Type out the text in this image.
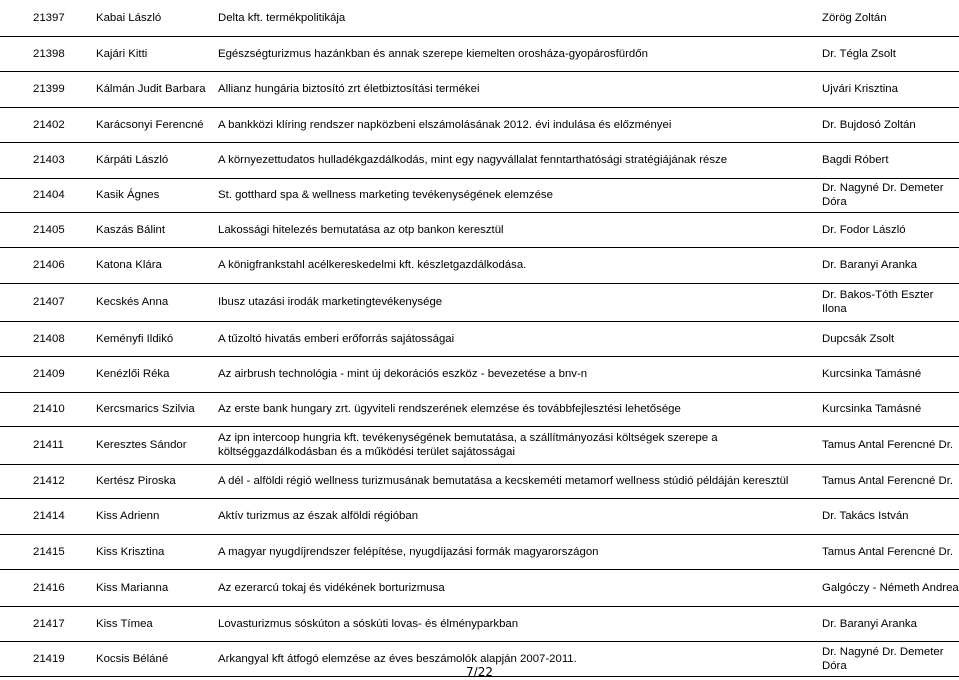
21397	Kabai László	Delta kft. termékpolitikája	Zörög Zoltán
21398	Kajári Kitti	Egészségturizmus hazánkban és annak szerepe kiemelten orosháza-gyopárosfürdőn	Dr. Tégla Zsolt
21399	Kálmán Judit Barbara	Allianz hungária biztosító zrt életbiztosítási termékei	Ujvári Krisztina
21402	Karácsonyi Ferencné	A bankközi klíring rendszer napközbeni elszámolásának 2012. évi indulása és előzményei	Dr. Bujdosó Zoltán
21403	Kárpáti László	A környezettudatos hulladékgazdálkodás, mint egy nagyvállalat fenntarthatósági stratégiájának része	Bagdi Róbert
21404	Kasik Ágnes	St. gotthard spa & wellness marketing tevékenységének elemzése	Dr. Nagyné Dr. Demeter Dóra
21405	Kaszás Bálint	Lakossági hitelezés bemutatása az otp bankon keresztül	Dr. Fodor László
21406	Katona Klára	A königfrankstahl acélkereskedelmi kft. készletgazdálkodása.	Dr. Baranyi Aranka
21407	Kecskés Anna	Ibusz utazási irodák marketingtevékenysége	Dr. Bakos-Tóth Eszter Ilona
21408	Keményfi Ildikó	A tűzoltó hivatás emberi erőforrás sajátosságai	Dupcsák Zsolt
21409	Kenézlői Réka	Az airbrush technológia - mint új dekorációs eszköz - bevezetése a bnv-n	Kurcsinka Tamásné
21410	Kercsmarics Szilvia	Az erste bank hungary zrt. ügyviteli rendszerének elemzése és továbbfejlesztési lehetősége	Kurcsinka Tamásné
21411	Keresztes Sándor	Az ipn intercoop hungria kft. tevékenységének bemutatása, a szállítmányozási költségek szerepe a költséggazdálkodásban és a működési terület sajátosságai	Tamus Antal Ferencné Dr.
21412	Kertész Piroska	A dél - alföldi régió wellness turizmusának bemutatása a kecskeméti metamorf wellness stúdió példáján keresztül	Tamus Antal Ferencné Dr.
21414	Kiss Adrienn	Aktív turizmus az észak alföldi régióban	Dr. Takács István
21415	Kiss Krisztina	A magyar nyugdíjrendszer felépítése, nyugdíjazási formák magyarországon	Tamus Antal Ferencné Dr.
21416	Kiss Marianna	Az ezerarcú tokaj és vidékének borturizmusa	Galgóczy - Németh Andrea
21417	Kiss Tímea	Lovasturizmus sóskúton a sóskúti lovas- és élményparkban	Dr. Baranyi Aranka
21419	Kocsis Béláné	Arkangyal kft átfogó elemzése az éves beszámolók alapján 2007-2011.	Dr. Nagyné Dr. Demeter Dóra
7/22
